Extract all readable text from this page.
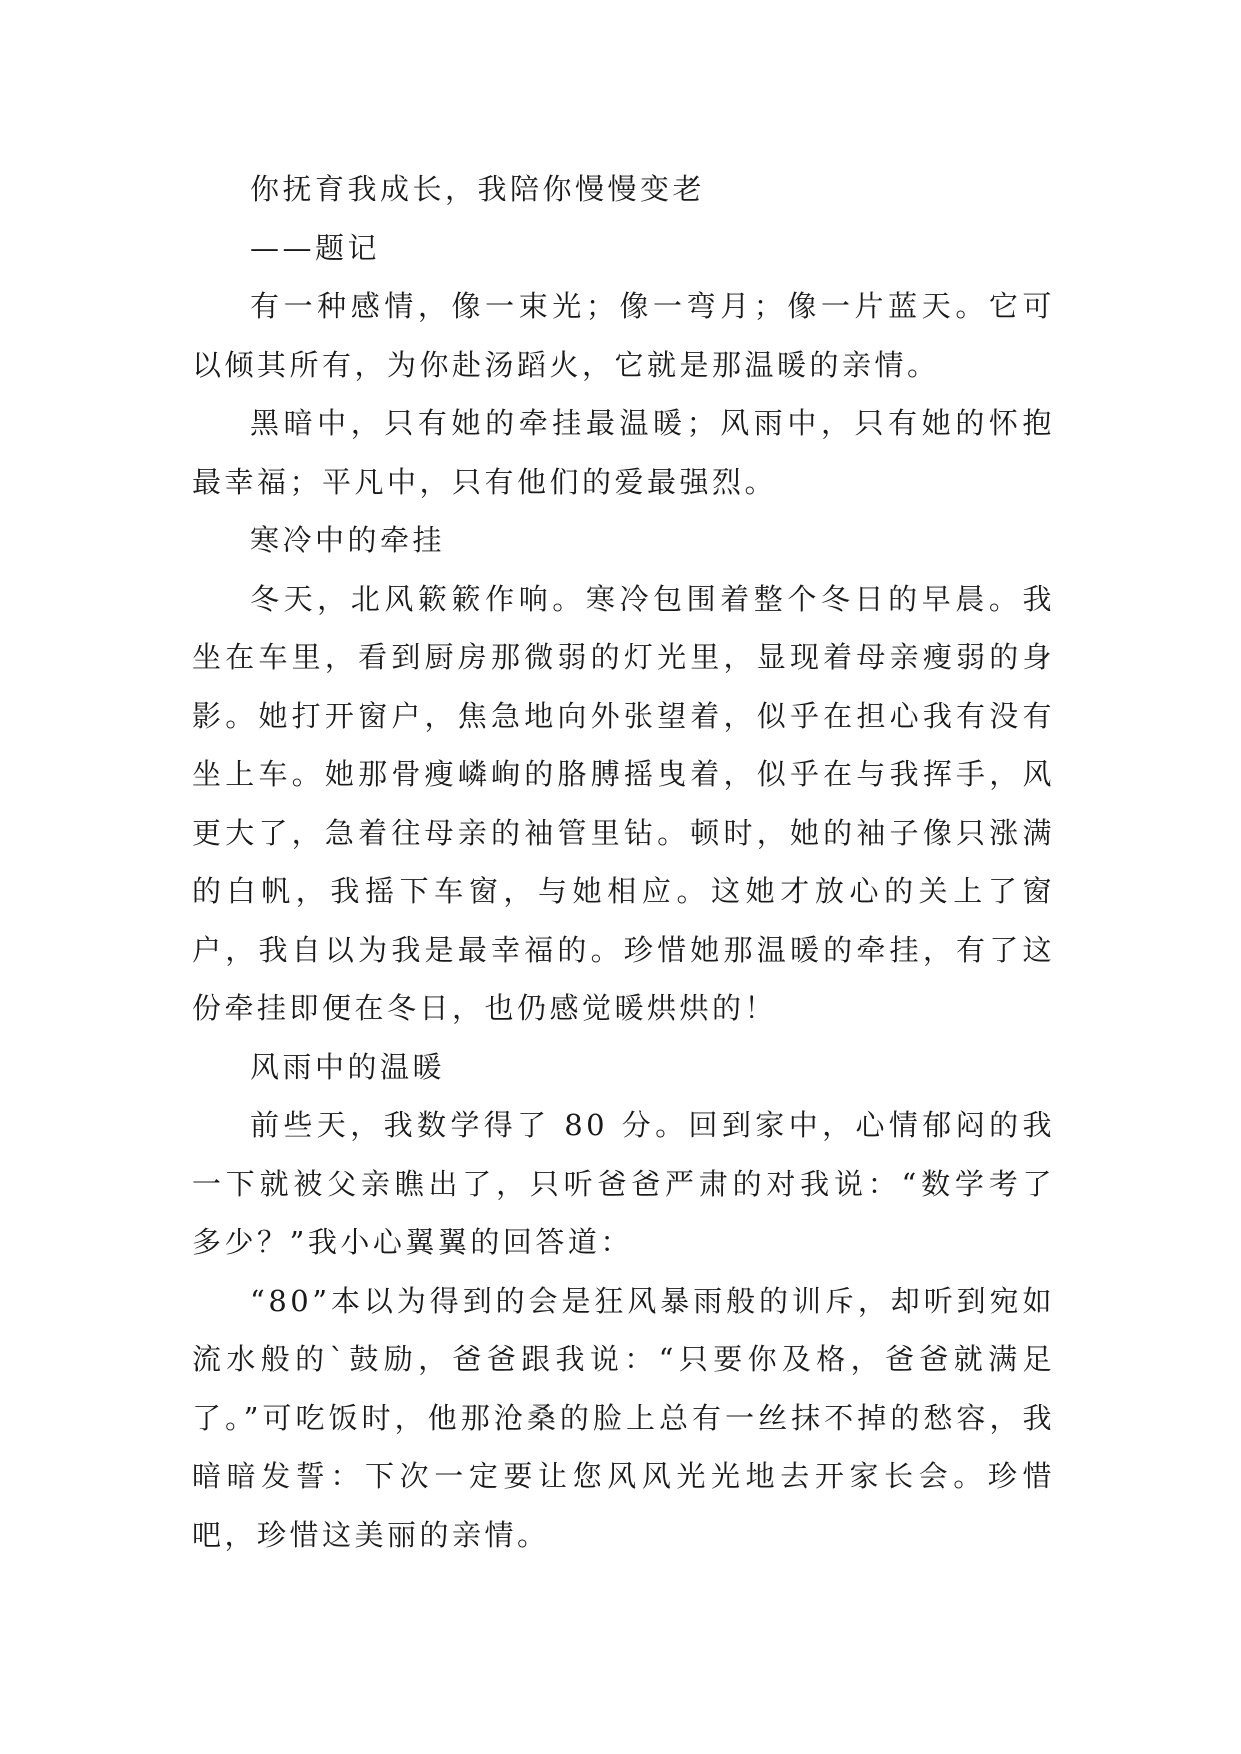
你抚育我成长，我陪你慢慢变老

——题记

有一种感情，像一束光；像一弯月；像一片蓝天。它可以倾其所有，为你赴汤蹈火，它就是那温暖的亲情。

黑暗中，只有她的牵挂最温暖；风雨中，只有她的怀抱最幸福；平凡中，只有他们的爱最强烈。

寒冷中的牵挂

冬天，北风簌簌作响。寒冷包围着整个冬日的早晨。我坐在车里，看到厨房那微弱的灯光里，显现着母亲瘦弱的身影。她打开窗户，焦急地向外张望着，似乎在担心我有没有坐上车。她那骨瘦嶙峋的胳膊摇曳着，似乎在与我挥手，风更大了，急着往母亲的袖管里钻。顿时，她的袖子像只涨满的白帆，我摇下车窗，与她相应。这她才放心的关上了窗户，我自以为我是最幸福的。珍惜她那温暖的牵挂，有了这份牵挂即便在冬日，也仍感觉暖烘烘的！

风雨中的温暖

前些天，我数学得了 80 分。回到家中，心情郁闷的我一下就被父亲瞧出了，只听爸爸严肃的对我说：“数学考了多少？”我小心翼翼的回答道：

“80”本以为得到的会是狂风暴雨般的训斥，却听到宛如流水般的`鼓励，爸爸跟我说：“只要你及格，爸爸就满足了。”可吃饭时，他那沧桑的脸上总有一丝抹不掉的愁容，我暗暗发誓：下次一定要让您风风光光地去开家长会。珍惜吧，珍惜这美丽的亲情。
